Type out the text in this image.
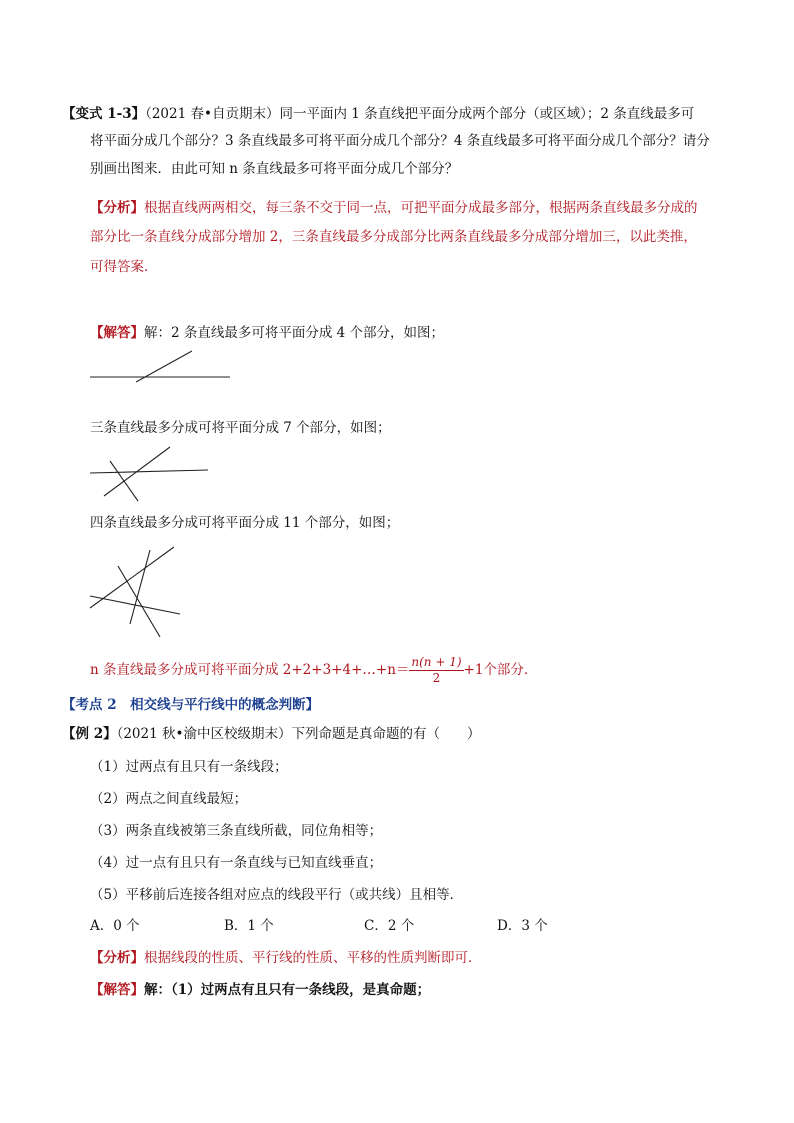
【变式 1-3】（2021 春•自贡期末）同一平面内 1 条直线把平面分成两个部分（或区域）；2 条直线最多可
将平面分成几个部分？3 条直线最多可将平面分成几个部分？4 条直线最多可将平面分成几个部分？请分
别画出图来．由此可知 n 条直线最多可将平面分成几个部分？
【分析】根据直线两两相交，每三条不交于同一点，可把平面分成最多部分，根据两条直线最多分成的
部分比一条直线分成部分增加 2，三条直线最多分成部分比两条直线最多分成部分增加三，以此类推，
可得答案．
【解答】解：2 条直线最多可将平面分成 4 个部分，如图；
三条直线最多分成可将平面分成 7 个部分，如图；
四条直线最多分成可将平面分成 11 个部分，如图；
n 条直线最多分成可将平面分成 2+2+3+4+…+n＝ $\frac{n(n + 1)}{2} +1$个部分．
【考点 2　相交线与平行线中的概念判断】
【例 2】（2021 秋•渝中区校级期末）下列命题是真命题的有（　　）
（1）过两点有且只有一条线段；
（2）两点之间直线最短；
（3）两条直线被第三条直线所截，同位角相等；
（4）过一点有且只有一条直线与已知直线垂直；
（5）平移前后连接各组对应点的线段平行（或共线）且相等．
A．0 个	B．1 个	C．2 个	D．3 个
【分析】根据线段的性质、平行线的性质、平移的性质判断即可．
【解答】解：（1）过两点有且只有一条线段，是真命题；
